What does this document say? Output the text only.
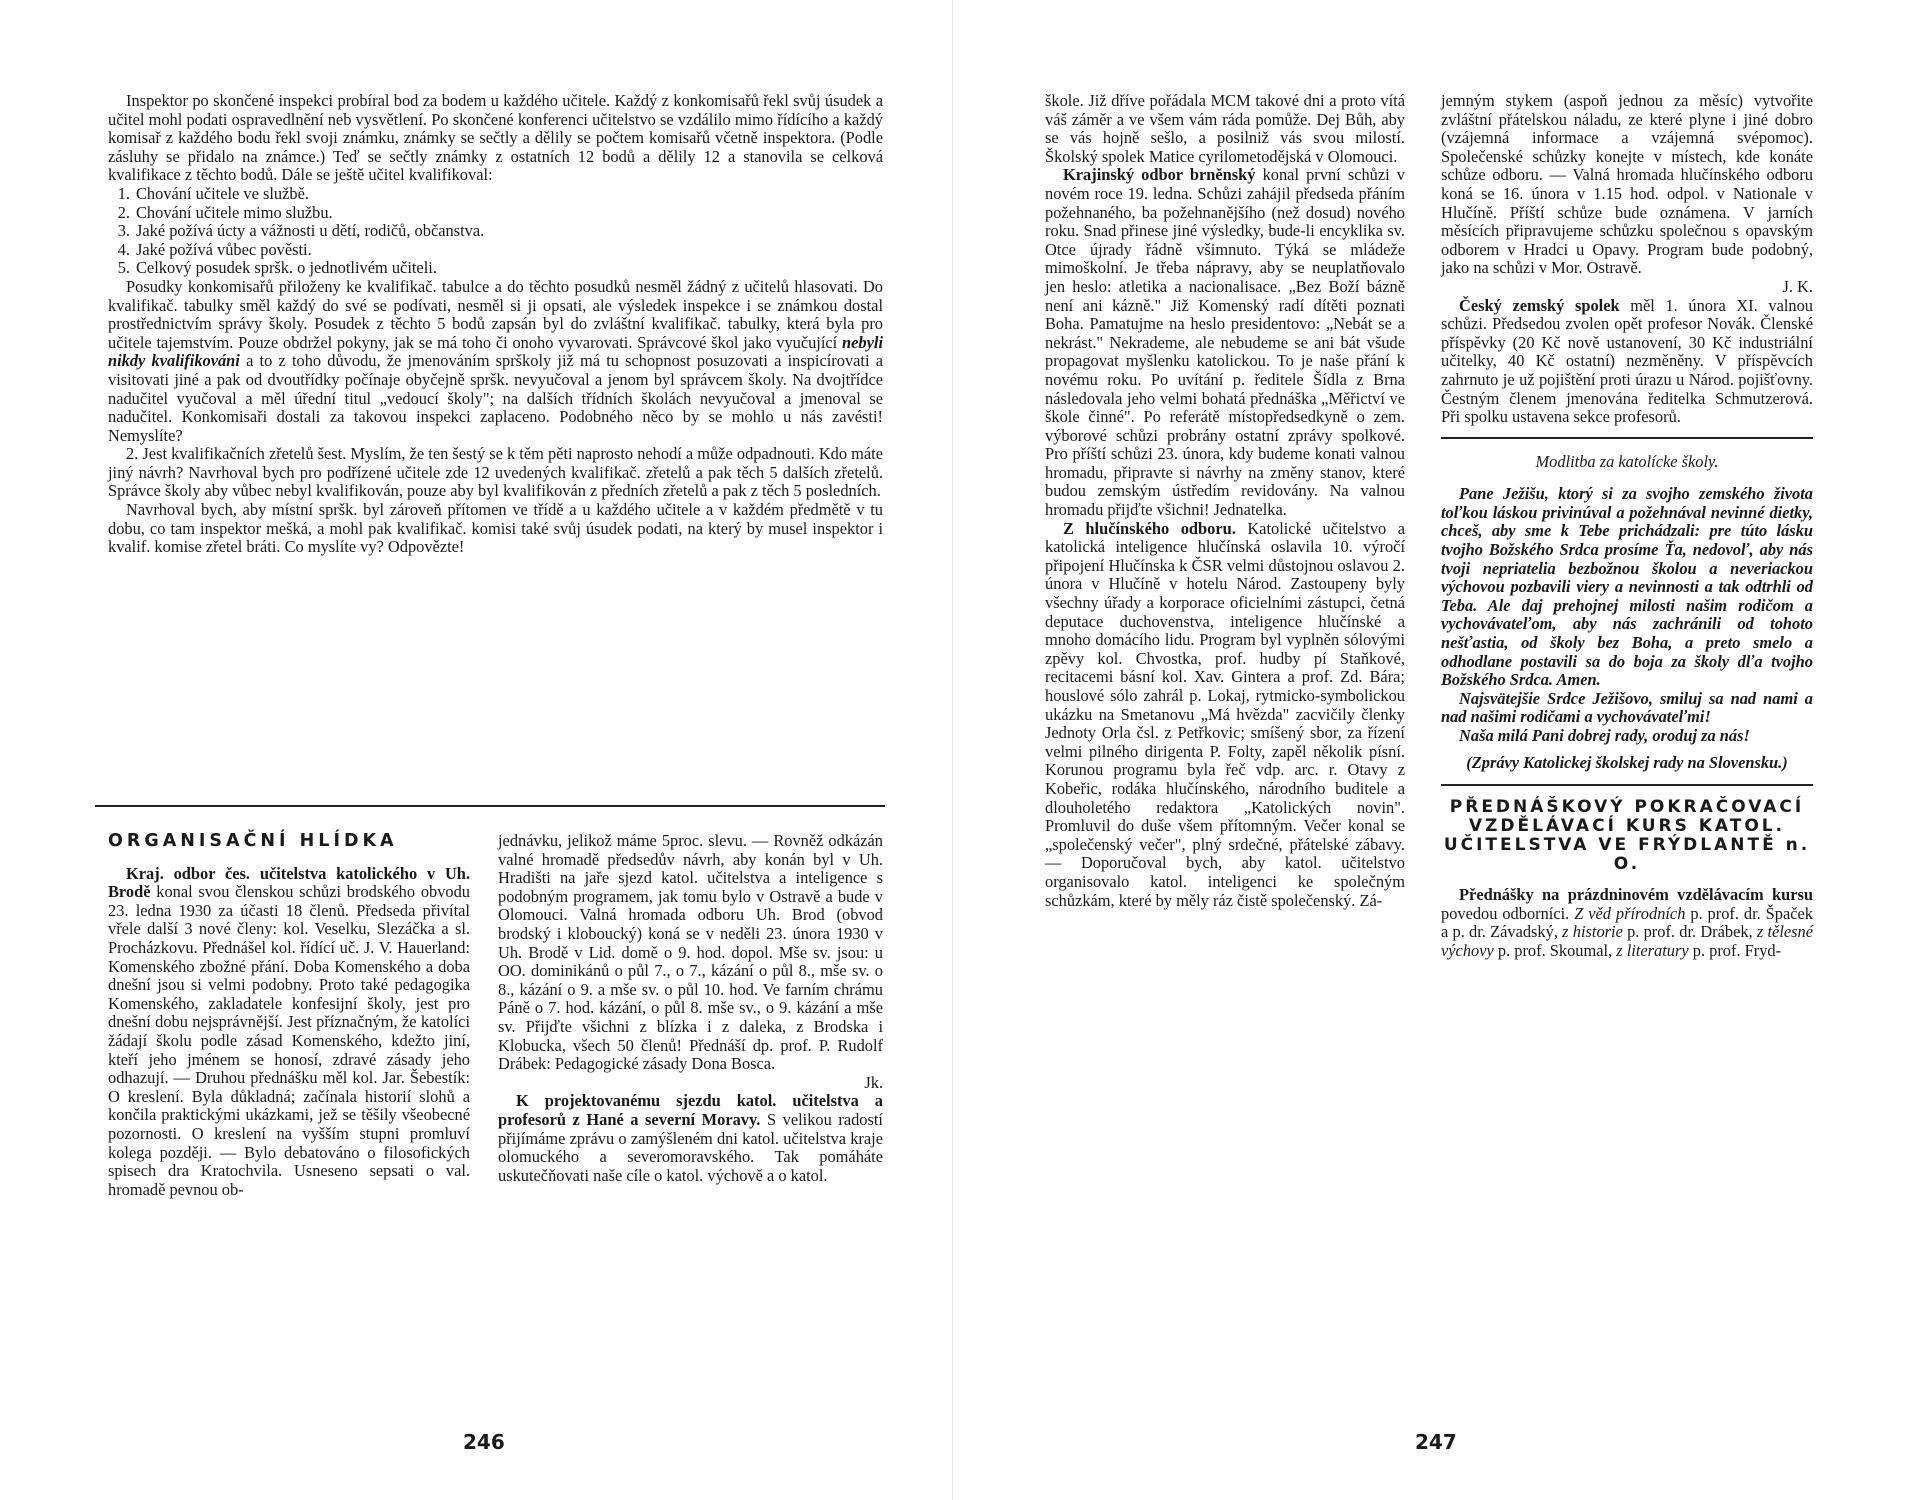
Inspektor po skončené inspekci probíral bod za bodem u každého učitele. Každý z konkomisařů řekl svůj úsudek a učitel mohl podati ospravedlnění neb vysvětlení. Po skončené konferenci učitelstvo se vzdálilo mimo řídícího a každý komisař z každého bodu řekl svoji známku, známky se sečtly a dělily se počtem komisařů včetně inspektora. (Podle zásluhy se přidalo na známce.) Teď se sečtly známky z ostatních 12 bodů a dělily 12 a stanovila se celková kvalifikace z těchto bodů. Dále se ještě učitel kvalifikoval:

1. Chování učitele ve službě.
2. Chování učitele mimo službu.
3. Jaké požívá úcty a vážnosti u dětí, rodičů, občanstva.
4. Jaké požívá vůbec pověsti.
5. Celkový posudek spršk. o jednotlivém učiteli.

Posudky konkomisařů přiloženy ke kvalifikač. tabulce a do těchto posudků nesměl žádný z učitelů hlasovati. Do kvalifikač. tabulky směl každý do své se podívati, nesměl si ji opsati, ale výsledek inspekce i se známkou dostal prostřednictvím správy školy. Posudek z těchto 5 bodů zapsán byl do zvláštní kvalifikač. tabulky, která byla pro učitele tajemstvím. Pouze obdržel pokyny, jak se má toho či onoho vyvarovati. Správcové škol jako vyučující nebyli nikdy kvalifikováni a to z toho důvodu, že jmenováním sprškoly již má tu schopnost posuzovati a inspicírovati a visitovati jiné a pak od dvoutřídky počínaje obyčejně spršk. nevyučoval a jenom byl správcem školy. Na dvojtřídce nadučitel vyučoval a měl úřední titul „vedoucí školy"; na dalších třídních školách nevyučoval a jmenoval se nadučitel. Konkomisaři dostali za takovou inspekci zaplaceno. Podobného něco by se mohlo u nás zavésti! Nemyslíte?

2. Jest kvalifikačních zřetelů šest. Myslím, že ten šestý se k těm pěti naprosto nehodí a může odpadnouti. Kdo máte jiný návrh? Navrhoval bych pro podřízené učitele zde 12 uvedených kvalifikač. zřetelů a pak těch 5 dalších zřetelů. Správce školy aby vůbec nebyl kvalifikován, pouze aby byl kvalifikován z předních zřetelů a pak z těch 5 posledních.

Navrhoval bych, aby místní spršk. byl zároveň přítomen ve třídě a u každého učitele a v každém předmětě v tu dobu, co tam inspektor mešká, a mohl pak kvalifikač. komisi také svůj úsudek podati, na který by musel inspektor i kvalif. komise zřetel bráti. Co myslíte vy? Odpovězte!

ORGANISAČNÍ HLÍDKA

Kraj. odbor čes. učitelstva katolického v Uh. Brodě konal svou členskou schůzi brodského obvodu 23. ledna 1930 za účasti 18 členů. Předseda přivítal vřele další 3 nové členy: kol. Veselku, Slezáčka a sl. Procházkovu. Přednášel kol. řídící uč. J. V. Hauerland: Komenského zbožné přání. Doba Komenského a doba dnešní jsou si velmi podobny. Proto také pedagogika Komenského, zakladatele konfesijní školy, jest pro dnešní dobu nejsprávnější. Jest příznačným, že katolíci žádají školu podle zásad Komenského, kdežto jiní, kteří jeho jménem se honosí, zdravé zásady jeho odhazují. — Druhou přednášku měl kol. Jar. Šebestík: O kreslení. Byla důkladná; začínala historií slohů a končila praktickými ukázkami, jež se těšily všeobecné pozornosti. O kreslení na vyšším stupni promluví kolega později. — Bylo debatováno o filosofických spisech dra Kratochvila. Usneseno sepsati o val. hromadě pevnou ob-

jednávku, jelikož máme 5proc. slevu. — Rovněž odkázán valné hromadě předsedův návrh, aby konán byl v Uh. Hradišti na jaře sjezd katol. učitelstva a inteligence s podobným programem, jak tomu bylo v Ostravě a bude v Olomouci. Valná hromada odboru Uh. Brod (obvod brodský i kloboucký) koná se v neděli 23. února 1930 v Uh. Brodě v Lid. domě o 9. hod. dopol. Mše sv. jsou: u OO. dominikánů o půl 7., o 7., kázání o půl 8., mše sv. o 8., kázání o 9. a mše sv. o půl 10. hod. Ve farním chrámu Páně o 7. hod. kázání, o půl 8. mše sv., o 9. kázání a mše sv. Přijďte všichni z blízka i z daleka, z Brodska i Klobucka, všech 50 členů! Přednáší dp. prof. P. Rudolf Drábek: Pedagogické zásady Dona Bosca.

Jk.

K projektovanému sjezdu katol. učitelstva a profesorů z Hané a severní Moravy. S velikou radostí přijímáme zprávu o zamýšleném dni katol. učitelstva kraje olomuckého a severomoravského. Tak pomáháte uskutečňovati naše cíle o katol. výchově a o katol.

246

škole. Již dříve pořádala MCM takové dni a proto vítá váš záměr a ve všem vám ráda pomůže. Dej Bůh, aby se vás hojně sešlo, a posilniž vás svou milostí. Školský spolek Matice cyrilometodějská v Olomouci.

Krajinský odbor brněnský konal první schůzi v novém roce 19. ledna. Schůzi zahájil předseda přáním požehnaného, ba požehnanějšího (než dosud) nového roku. Snad přinese jiné výsledky, bude-li encyklika sv. Otce újrady řádně všimnuto. Týká se mládeže mimoškolní. Je třeba nápravy, aby se neuplatňovalo jen heslo: atletika a nacionalisace. „Bez Boží bázně není ani kázně." Již Komenský radí dítěti poznati Boha. Pamatujme na heslo presidentovo: „Nebát se a nekrást." Nekrademe, ale nebudeme se ani bát všude propagovat myšlenku katolickou. To je naše přání k novému roku. Po uvítání p. ředitele Šídla z Brna následovala jeho velmi bohatá přednáška „Měřictví ve škole činné". Po referátě místopředsedkyně o zem. výborové schůzi probrány ostatní zprávy spolkové. Pro příští schůzi 23. února, kdy budeme konati valnou hromadu, připravte si návrhy na změny stanov, které budou zemským ústředím revidovány. Na valnou hromadu přijďte všichni! Jednatelka.

Z hlučínského odboru. Katolické učitelstvo a katolická inteligence hlučínská oslavila 10. výročí připojení Hlučínska k ČSR velmi důstojnou oslavou 2. února v Hlučíně v hotelu Národ. Zastoupeny byly všechny úřady a korporace oficielními zástupci, četná deputace duchovenstva, inteligence hlučínské a mnoho domácího lidu. Program byl vyplněn sólovými zpěvy kol. Chvostka, prof. hudby pí Staňkové, recitacemi básní kol. Xav. Gintera a prof. Zd. Bára; houslové sólo zahrál p. Lokaj, rytmicko-symbolickou ukázku na Smetanovu „Má hvězda" zacvičily členky Jednoty Orla čsl. z Petřkovic; smíšený sbor, za řízení velmi pilného dirigenta P. Folty, zapěl několik písní. Korunou programu byla řeč vdp. arc. r. Otavy z Kobeřic, rodáka hlučínského, národního buditele a dlouholetého redaktora „Katolických novin". Promluvil do duše všem přítomným. Večer konal se „společenský večer", plný srdečné, přátelské zábavy. — Doporučoval bych, aby katol. učitelstvo organisovalo katol. inteligenci ke společným schůzkám, které by měly ráz čistě společenský. Zá-

jemným stykem (aspoň jednou za měsíc) vytvořite zvláštní přátelskou náladu, ze které plyne i jiné dobro (vzájemná informace a vzájemná svépomoc). Společenské schůzky konejte v místech, kde konáte schůze odboru. — Valná hromada hlučínského odboru koná se 16. února v 1.15 hod. odpol. v Nationale v Hlučíně. Příští schůze bude oznámena. V jarních měsících připravujeme schůzku společnou s opavským odborem v Hradci u Opavy. Program bude podobný, jako na schůzi v Mor. Ostravě.

J. K.

Český zemský spolek měl 1. února XI. valnou schůzi. Předsedou zvolen opět profesor Novák. Členské příspěvky (20 Kč nově ustanovení, 30 Kč industriální učitelky, 40 Kč ostatní) nezměněny. V příspěvcích zahrnuto je už pojištění proti úrazu u Národ. pojišťovny. Čestným členem jmenována ředitelka Schmutzerová. Při spolku ustavena sekce profesorů.

Modlitba za katolícke školy.

Pane Ježišu, ktorý si za svojho zemského života toľkou láskou privinúval a požehnával nevinné dietky, chceš, aby sme k Tebe prichádzali: pre túto lásku tvojho Božského Srdca prosíme Ťa, nedovoľ, aby nás tvoji nepriatelia bezbožnou školou a neveriackou výchovou pozbavili viery a nevinnosti a tak odtrhli od Teba. Ale daj prehojnej milosti našim rodičom a vychovávateľom, aby nás zachránili od tohoto nešťastia, od školy bez Boha, a preto smelo a odhodlane postavili sa do boja za školy dľa tvojho Božského Srdca. Amen.

Najsvätejšie Srdce Ježišovo, smiluj sa nad nami a nad našimi rodičami a vychovávateľmi!

Naša milá Pani dobrej rady, oroduj za nás!

(Zprávy Katolickej školskej rady na Slovensku.)

PŘEDNÁŠKOVÝ POKRAČOVACÍ VZDĚLÁVACÍ KURS KATOL. UČITELSTVA VE FRÝDLANTĚ n. O.

Přednášky na prázdninovém vzdělávacím kursu povedou odborníci. Z věd přírodních p. prof. dr. Špaček a p. dr. Závadský, z historie p. prof. dr. Drábek, z tělesné výchovy p. prof. Skoumal, z literatury p. prof. Fryd-

247
